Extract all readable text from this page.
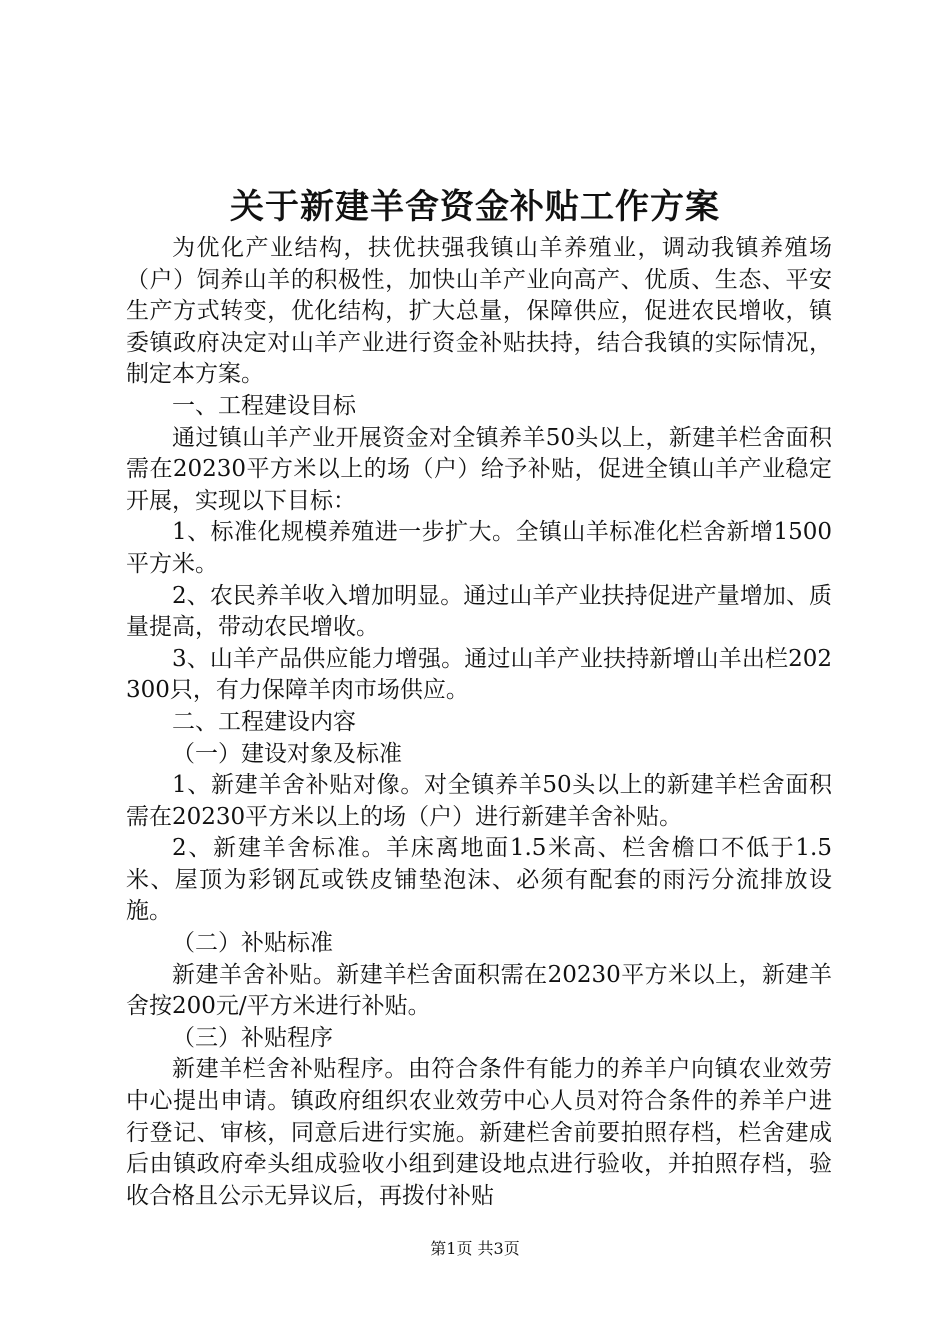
关于新建羊舍资金补贴工作方案

为优化产业结构，扶优扶强我镇山羊养殖业，调动我镇养殖场（户）饲养山羊的积极性，加快山羊产业向高产、优质、生态、平安生产方式转变，优化结构，扩大总量，保障供应，促进农民增收，镇委镇政府决定对山羊产业进行资金补贴扶持，结合我镇的实际情况，制定本方案。

一、工程建设目标

通过镇山羊产业开展资金对全镇养羊50头以上，新建羊栏舍面积需在20230平方米以上的场（户）给予补贴，促进全镇山羊产业稳定开展，实现以下目标：

1、标准化规模养殖进一步扩大。全镇山羊标准化栏舍新增1500平方米。

2、农民养羊收入增加明显。通过山羊产业扶持促进产量增加、质量提高，带动农民增收。

3、山羊产品供应能力增强。通过山羊产业扶持新增山羊出栏202300只，有力保障羊肉市场供应。

二、工程建设内容

（一）建设对象及标准

1、新建羊舍补贴对像。对全镇养羊50头以上的新建羊栏舍面积需在20230平方米以上的场（户）进行新建羊舍补贴。

2、新建羊舍标准。羊床离地面1.5米高、栏舍檐口不低于1.5米、屋顶为彩钢瓦或铁皮铺垫泡沫、必须有配套的雨污分流排放设施。

（二）补贴标准

新建羊舍补贴。新建羊栏舍面积需在20230平方米以上，新建羊舍按200元/平方米进行补贴。

（三）补贴程序

新建羊栏舍补贴程序。由符合条件有能力的养羊户向镇农业效劳中心提出申请。镇政府组织农业效劳中心人员对符合条件的养羊户进行登记、审核，同意后进行实施。新建栏舍前要拍照存档，栏舍建成后由镇政府牵头组成验收小组到建设地点进行验收，并拍照存档，验收合格且公示无异议后，再拨付补贴

第1页 共3页
